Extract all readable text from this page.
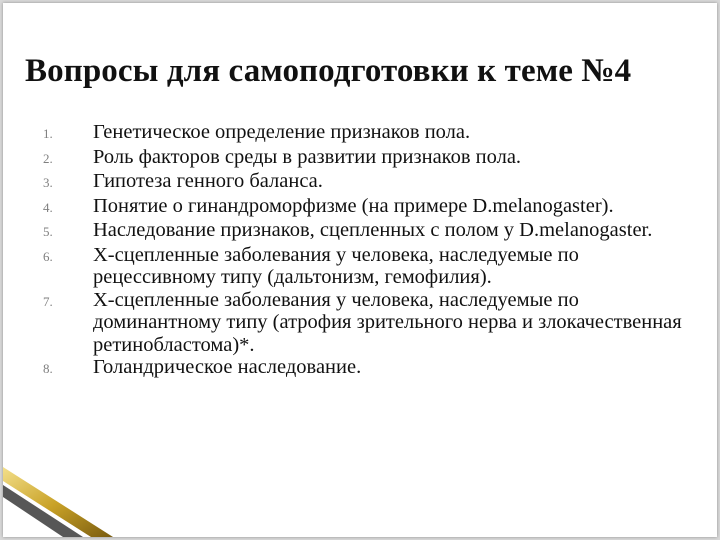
Вопросы для самоподготовки к теме №4
1.	Генетическое определение признаков пола.
2.	Роль факторов среды в развитии признаков пола.
3.	Гипотеза генного баланса.
4.	Понятие о гинандроморфизме (на примере D.melanogaster).
5.	Наследование признаков, сцепленных с полом у D.melanogaster.
6.	Х-сцепленные заболевания у человека, наследуемые по рецессивному типу (дальтонизм, гемофилия).
7.	Х-сцепленные заболевания у человека, наследуемые по доминантному типу (атрофия зрительного нерва и злокачественная ретинобластома)*.
8.	Голандрическое наследование.
